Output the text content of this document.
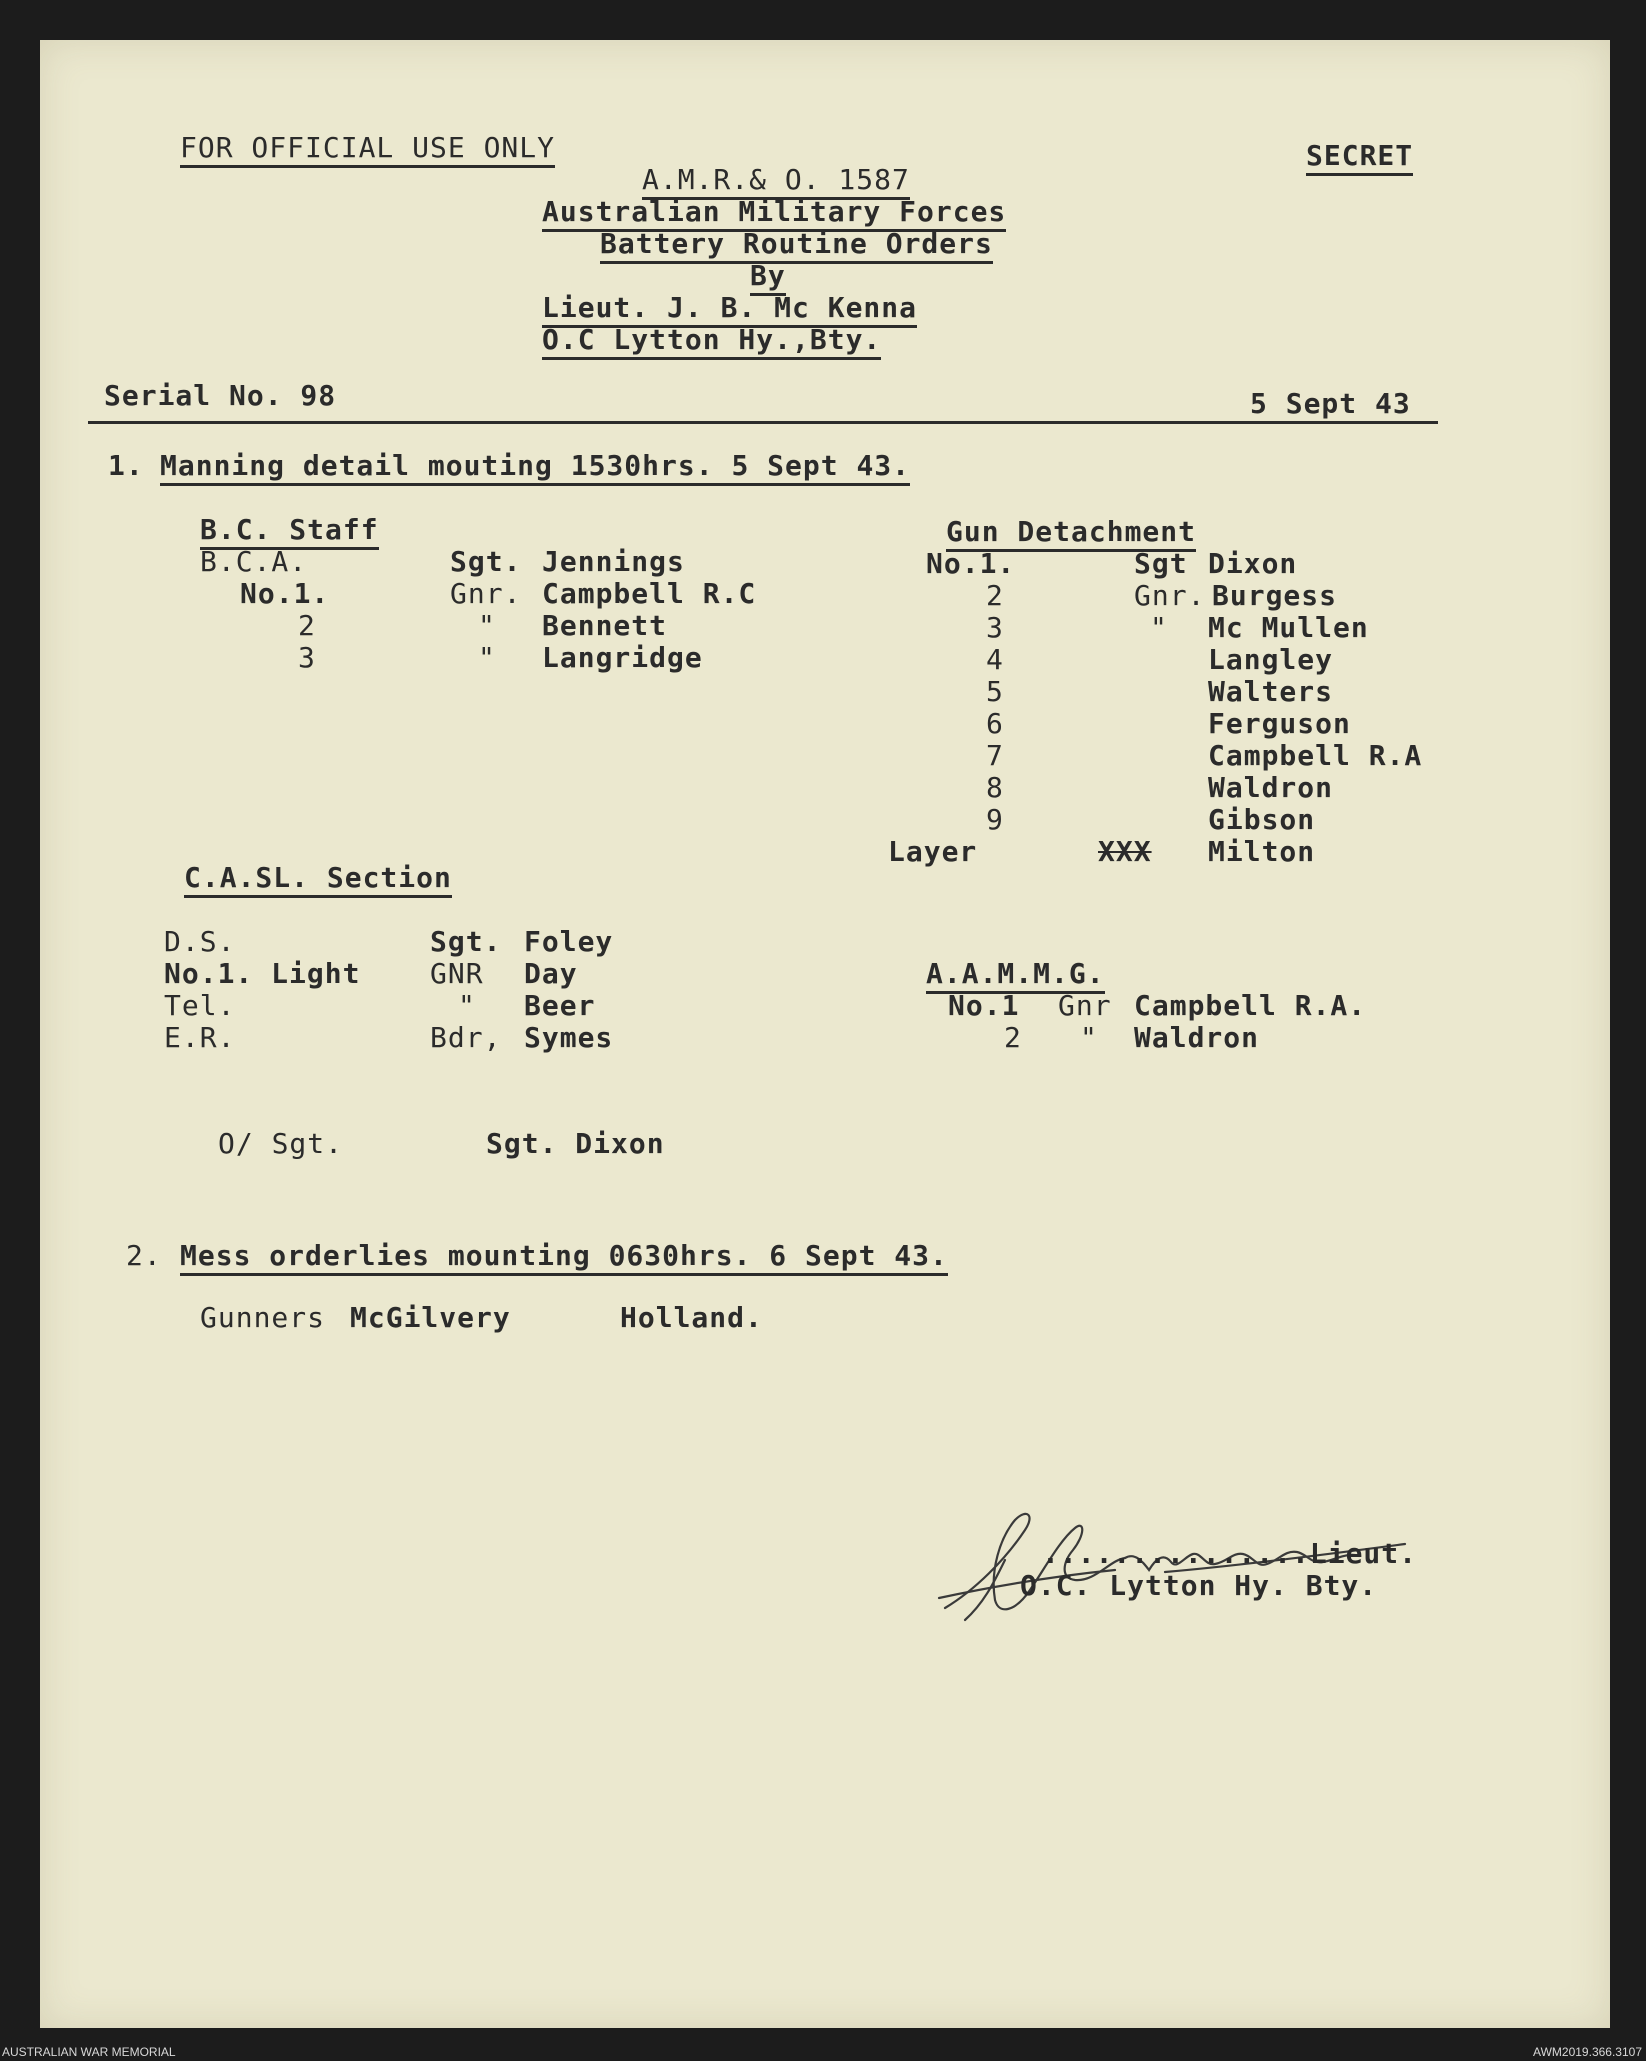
FOR OFFICIAL USE ONLY	SECRET
A.M.R.& O. 1587
Australian Military Forces
Battery Routine Orders
By
Lieut. J. B. Mc Kenna
O.C Lytton Hy.,Bty.
Serial No. 98	5 Sept 43
1. Manning detail mouting 1530hrs. 5 Sept 43.
B.C. Staff
B.C.A.	Sgt. Jennings
No.1.	Gnr. Campbell R.C
2	" Bennett
3	" Langridge
Gun Detachment
No.1.	Sgt Dixon
2	Gnr. Burgess
3	" Mc Mullen
4	Langley
5	Walters
6	Ferguson
7	Campbell R.A
8	Waldron
9	Gibson
Layer	XXX Milton
C.A.SL. Section
D.S.	Sgt. Foley
No.1. Light GNR Day
Tel.	" Beer
E.R.	Bdr, Symes
A.A.M.M.G.
No.1 Gnr Campbell R.A.
2 " Waldron
O/ Sgt.	Sgt. Dixon
2. Mess orderlies mounting 0630hrs. 6 Sept 43.
Gunners McGilvery	Holland.
...............Lieut.
O.C. Lytton Hy. Bty.
AUSTRALIAN WAR MEMORIAL	AWM2019.366.3107
